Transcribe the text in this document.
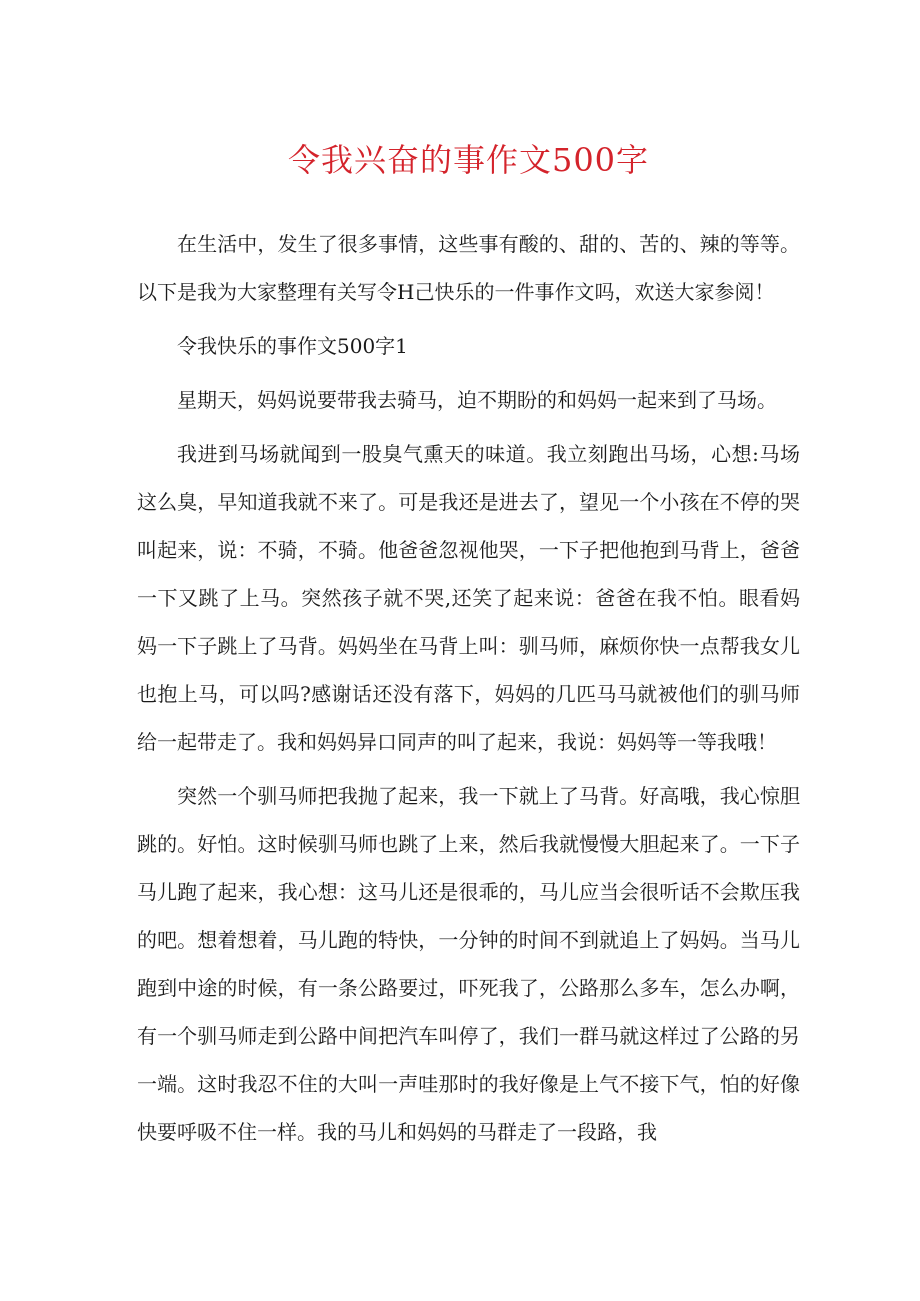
令我兴奋的事作文500字

在生活中，发生了很多事情，这些事有酸的、甜的、苦的、辣的等等。以下是我为大家整理有关写令H己快乐的一件事作文吗，欢送大家参阅！

令我快乐的事作文500字1

星期天，妈妈说要带我去骑马，迫不期盼的和妈妈一起来到了马场。

我进到马场就闻到一股臭气熏天的味道。我立刻跑出马场，心想:马场这么臭，早知道我就不来了。可是我还是进去了，望见一个小孩在不停的哭叫起来，说：不骑，不骑。他爸爸忽视他哭，一下子把他抱到马背上，爸爸一下又跳了上马。突然孩子就不哭,还笑了起来说：爸爸在我不怕。眼看妈妈一下子跳上了马背。妈妈坐在马背上叫：驯马师，麻烦你快一点帮我女儿也抱上马，可以吗?感谢话还没有落下，妈妈的几匹马马就被他们的驯马师给一起带走了。我和妈妈异口同声的叫了起来，我说：妈妈等一等我哦！

突然一个驯马师把我抛了起来，我一下就上了马背。好高哦，我心惊胆跳的。好怕。这时候驯马师也跳了上来，然后我就慢慢大胆起来了。一下子马儿跑了起来，我心想：这马儿还是很乖的，马儿应当会很听话不会欺压我的吧。想着想着，马儿跑的特快，一分钟的时间不到就追上了妈妈。当马儿跑到中途的时候，有一条公路要过，吓死我了，公路那么多车，怎么办啊，有一个驯马师走到公路中间把汽车叫停了，我们一群马就这样过了公路的另一端。这时我忍不住的大叫一声哇那时的我好像是上气不接下气，怕的好像快要呼吸不住一样。我的马儿和妈妈的马群走了一段路，我
